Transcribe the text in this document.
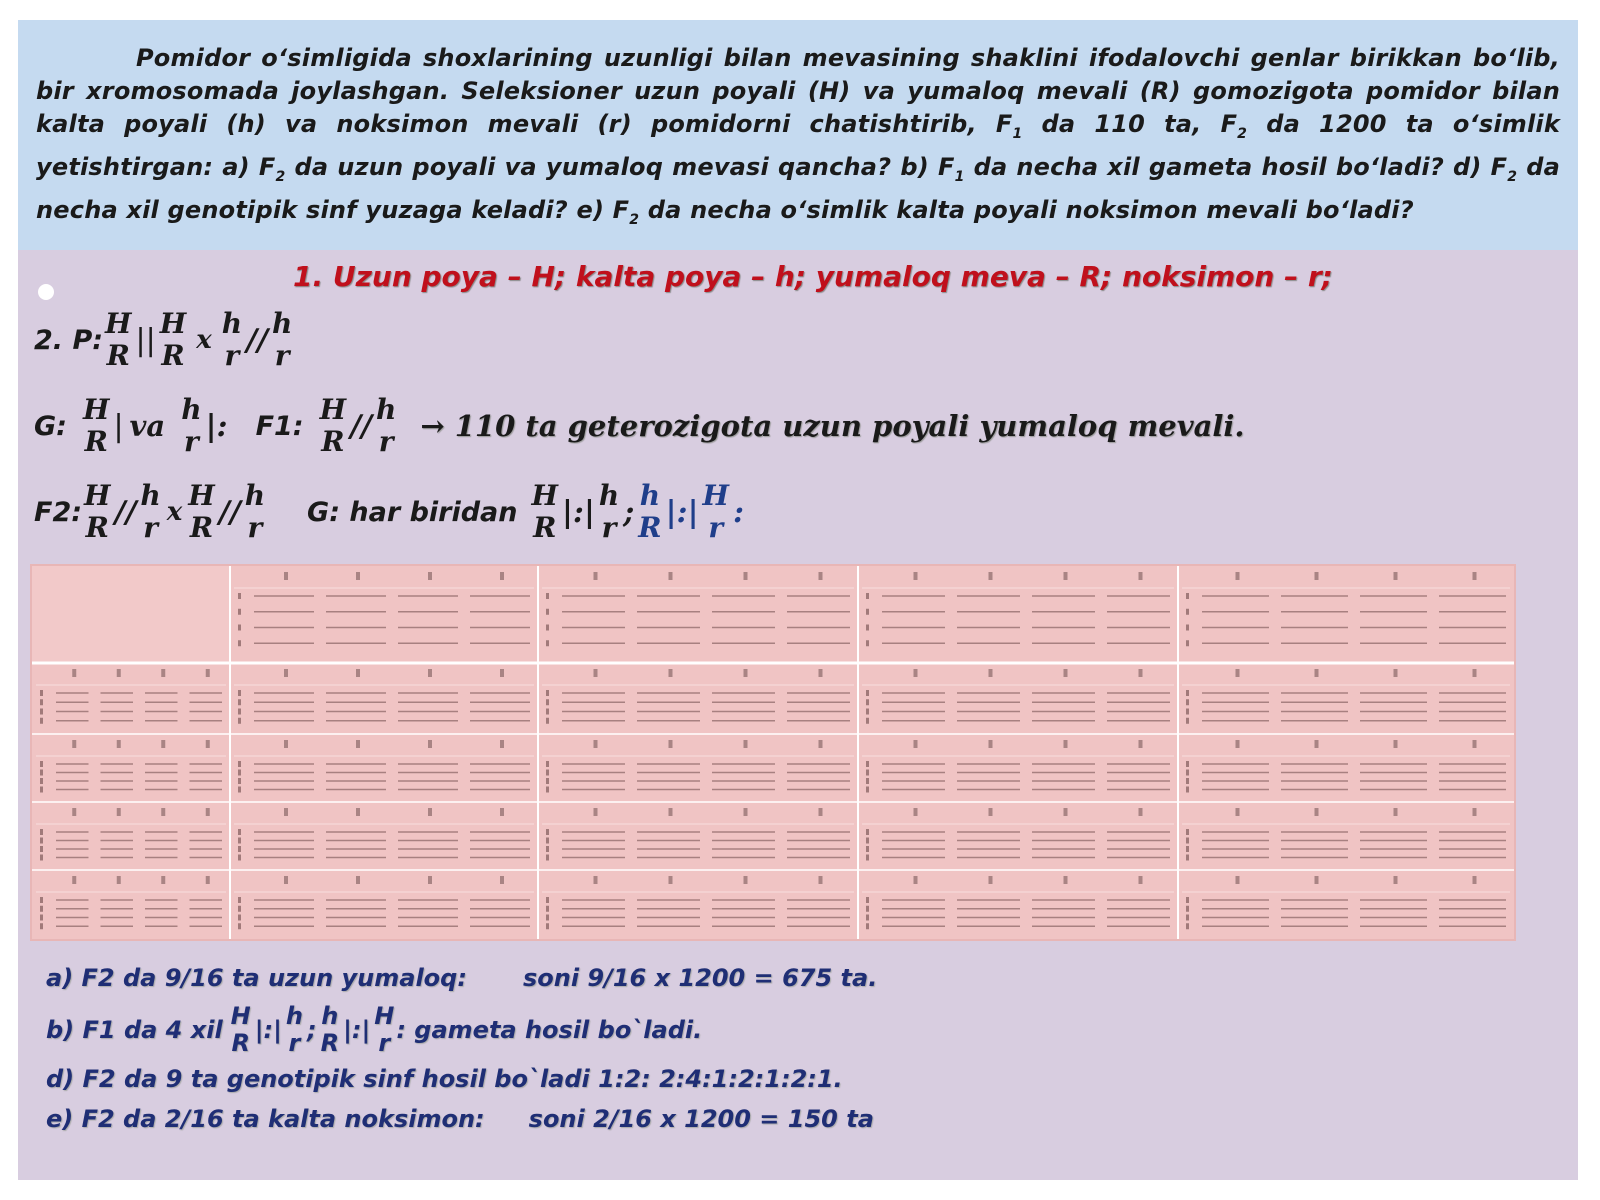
Pomidor o‘simligida shoxlarining uzunligi bilan mevasining shaklini ifodalovchi genlar birikkan bo‘lib, bir xromosomada joylashgan. Seleksioner uzun poyali (H) va yumaloq mevali (R) gomozigota pomidor bilan kalta poyali (h) va noksimon mevali (r) pomidorni chatishtirib, $F_1$ da 110 ta, $F_2$ da 1200 ta o‘simlik yetishtirgan: a) $F_2$ da uzun poyali va yumaloq mevasi qancha? b) $F_1$ da necha xil gameta hosil bo‘ladi? d) $F_2$ da necha xil genotipik sinf yuzaga keladi? e) $F_2$ da necha o‘simlik kalta poyali noksimon mevali bo‘ladi?

1. Uzun poya – H; kalta poya – h; yumaloq meva – R; noksimon – r;
2. P: H
R || H
R x h
r // h
r
G: H
R | va h
r |: F1: H
R // h
r → 110 ta geterozigota uzun poyali yumaloq mevali.
F2: H
R // h
r x H
R // h
r G: har biridan H
R |:| h
r ; h
R |:| H
r :
a) F2 da 9/16 ta uzun yumaloq: soni 9/16 x 1200 = 675 ta.
b) F1 da 4 xil H
R |:| h
r ; h
R |:| H
r : gameta hosil bo`ladi.
d) F2 da 9 ta genotipik sinf hosil bo`ladi 1:2: 2:4:1:2:1:2:1.
e) F2 da 2/16 ta kalta noksimon: soni 2/16 x 1200 = 150 ta
